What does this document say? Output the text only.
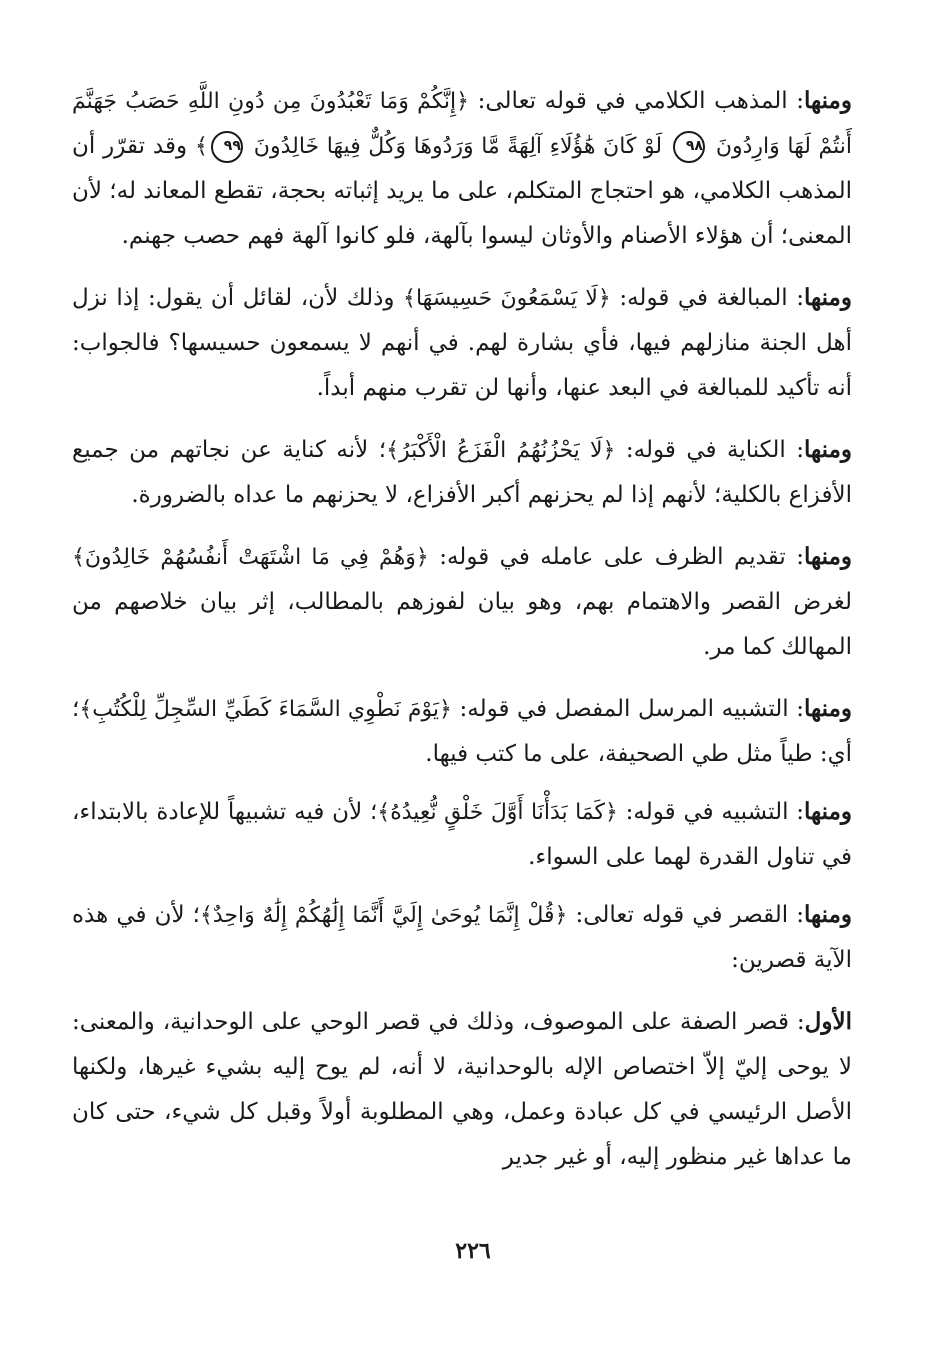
ومنها: المذهب الكلامي في قوله تعالى: ﴿إِنَّكُمْ وَمَا تَعْبُدُونَ مِن دُونِ اللَّهِ حَصَبُ جَهَنَّمَ أَنتُمْ لَهَا وَارِدُونَ ٩٨ لَوْ كَانَ هَٰؤُلَاءِ آلِهَةً مَّا وَرَدُوهَا وَكُلٌّ فِيهَا خَالِدُونَ ٩٩﴾ وقد تقرّر أن المذهب الكلامي، هو احتجاج المتكلم، على ما يريد إثباته بحجة، تقطع المعاند له؛ لأن المعنى؛ أن هؤلاء الأصنام والأوثان ليسوا بآلهة، فلو كانوا آلهة فهم حصب جهنم.

ومنها: المبالغة في قوله: ﴿لَا يَسْمَعُونَ حَسِيسَهَا﴾ وذلك لأن، لقائل أن يقول: إذا نزل أهل الجنة منازلهم فيها، فأي بشارة لهم. في أنهم لا يسمعون حسيسها؟ فالجواب: أنه تأكيد للمبالغة في البعد عنها، وأنها لن تقرب منهم أبداً.

ومنها: الكناية في قوله: ﴿لَا يَحْزُنُهُمُ الْفَزَعُ الْأَكْبَرُ﴾؛ لأنه كناية عن نجاتهم من جميع الأفزاع بالكلية؛ لأنهم إذا لم يحزنهم أكبر الأفزاع، لا يحزنهم ما عداه بالضرورة.

ومنها: تقديم الظرف على عامله في قوله: ﴿وَهُمْ فِي مَا اشْتَهَتْ أَنفُسُهُمْ خَالِدُونَ﴾ لغرض القصر والاهتمام بهم، وهو بيان لفوزهم بالمطالب، إثر بيان خلاصهم من المهالك كما مر.

ومنها: التشبيه المرسل المفصل في قوله: ﴿يَوْمَ نَطْوِي السَّمَاءَ كَطَيِّ السِّجِلِّ لِلْكُتُبِ﴾؛ أي: طياً مثل طي الصحيفة، على ما كتب فيها.

ومنها: التشبيه في قوله: ﴿كَمَا بَدَأْنَا أَوَّلَ خَلْقٍ نُّعِيدُهُ﴾؛ لأن فيه تشبيهاً للإعادة بالابتداء، في تناول القدرة لهما على السواء.

ومنها: القصر في قوله تعالى: ﴿قُلْ إِنَّمَا يُوحَىٰ إِلَيَّ أَنَّمَا إِلَٰهُكُمْ إِلَٰهٌ وَاحِدٌ﴾؛ لأن في هذه الآية قصرين:

الأول: قصر الصفة على الموصوف، وذلك في قصر الوحي على الوحدانية، والمعنى: لا يوحى إليّ إلاّ اختصاص الإله بالوحدانية، لا أنه، لم يوح إليه بشيء غيرها، ولكنها الأصل الرئيسي في كل عبادة وعمل، وهي المطلوبة أولاً وقبل كل شيء، حتى كان ما عداها غير منظور إليه، أو غير جدير

٢٢٦
